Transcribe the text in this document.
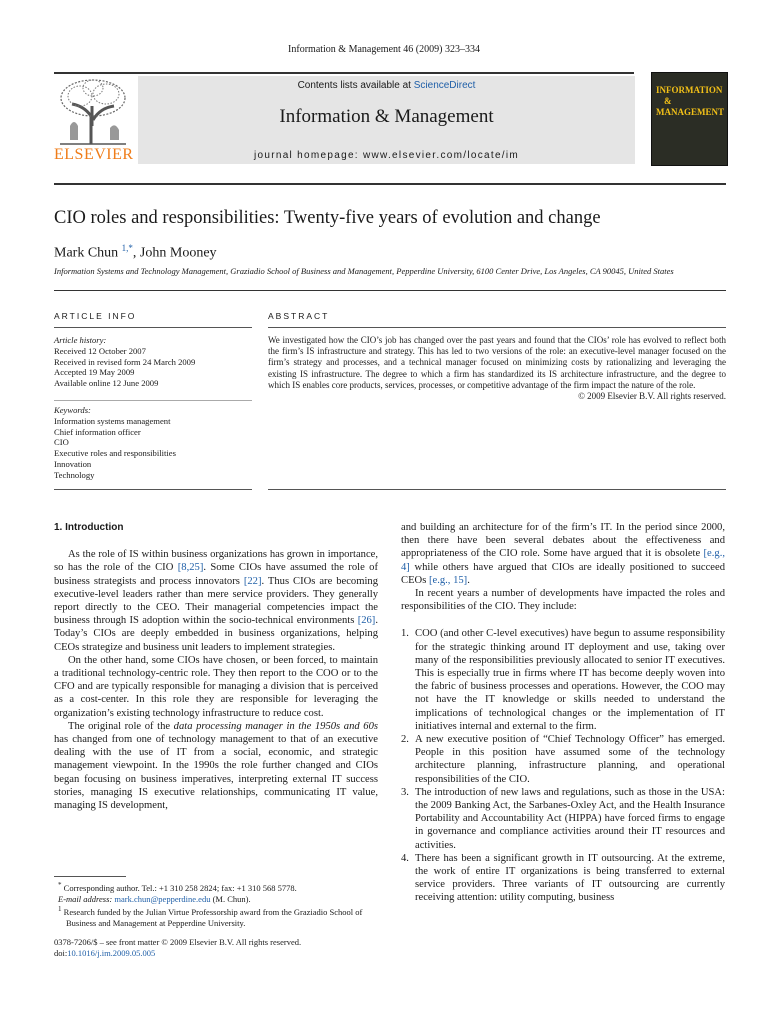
Information & Management 46 (2009) 323–334
ELSEVIER
Contents lists available at ScienceDirect
Information & Management
journal homepage: www.elsevier.com/locate/im
INFORMATION
&
MANAGEMENT
CIO roles and responsibilities: Twenty-five years of evolution and change
Mark Chun $^{1,*}$, John Mooney
Information Systems and Technology Management, Graziadio School of Business and Management, Pepperdine University, 6100 Center Drive, Los Angeles, CA 90045, United States
ARTICLE INFO
Article history:
Received 12 October 2007
Received in revised form 24 March 2009
Accepted 19 May 2009
Available online 12 June 2009
Keywords:
Information systems management
Chief information officer
CIO
Executive roles and responsibilities
Innovation
Technology
ABSTRACT
We investigated how the CIO’s job has changed over the past years and found that the CIOs’ role has evolved to reflect both the firm’s IS infrastructure and strategy. This has led to two versions of the role: an executive-level manager focused on the firm’s strategy and processes, and a technical manager focused on minimizing costs by rationalizing and leveraging the existing IS infrastructure. The degree to which a firm has standardized its IS architecture infrastructure, and the degree to which IS enables core products, services, processes, or competitive advantage of the firm impact the nature of the role.
© 2009 Elsevier B.V. All rights reserved.
1. Introduction

As the role of IS within business organizations has grown in importance, so has the role of the CIO [8,25]. Some CIOs have assumed the role of business strategists and process innovators [22]. Thus CIOs are becoming executive-level leaders rather than mere service providers. They generally report directly to the CEO. Their managerial competencies impact the business through IS adoption within the socio-technical environments [26]. Today’s CIOs are deeply embedded in business organizations, helping CEOs strategize and business unit leaders to implement strategies.

On the other hand, some CIOs have chosen, or been forced, to maintain a traditional technology-centric role. They then report to the COO or to the CFO and are typically responsible for managing a division that is perceived as a cost-center. In this role they are responsible for leveraging the organization’s existing technology infrastructure to reduce cost.

The original role of the data processing manager in the 1950s and 60s has changed from one of technology management to that of an executive dealing with the use of IT from a social, economic, and strategic management viewpoint. In the 1990s the role further changed and CIOs began focusing on business imperatives, interpreting external IT success stories, managing IS executive relationships, communicating IT value, managing IS development,

and building an architecture for of the firm’s IT. In the period since 2000, then there have been several debates about the effectiveness and appropriateness of the CIO role. Some have argued that it is obsolete [e.g., 4] while others have argued that CIOs are ideally positioned to succeed CEOs [e.g., 15].

In recent years a number of developments have impacted the roles and responsibilities of the CIO. They include:

1. COO (and other C-level executives) have begun to assume responsibility for the strategic thinking around IT deployment and use, taking over many of the responsibilities previously allocated to senior IT executives. This is especially true in firms where IT has become deeply woven into the fabric of business processes and operations. However, the COO may not have the IT knowledge or skills needed to understand the implications of technological changes or the implementation of IT initiatives internal and external to the firm.
2. A new executive position of “Chief Technology Officer” has emerged. People in this position have assumed some of the technology architecture planning, infrastructure planning, and operational responsibilities of the CIO.
3. The introduction of new laws and regulations, such as those in the USA: the 2009 Banking Act, the Sarbanes-Oxley Act, and the Health Insurance Portability and Accountability Act (HIPPA) have forced firms to engage in governance and compliance activities around their IT resources and activities.
4. There has been a significant growth in IT outsourcing. At the extreme, the work of entire IT organizations is being transferred to external service providers. Three variants of IT outsourcing are currently receiving attention: utility computing, business

* Corresponding author. Tel.: +1 310 258 2824; fax: +1 310 568 5778.

E-mail address: mark.chun@pepperdine.edu (M. Chun).

$^1$ Research funded by the Julian Virtue Professorship award from the Graziadio School of Business and Management at Pepperdine University.

0378-7206/$ – see front matter © 2009 Elsevier B.V. All rights reserved.
doi:10.1016/j.im.2009.05.005
